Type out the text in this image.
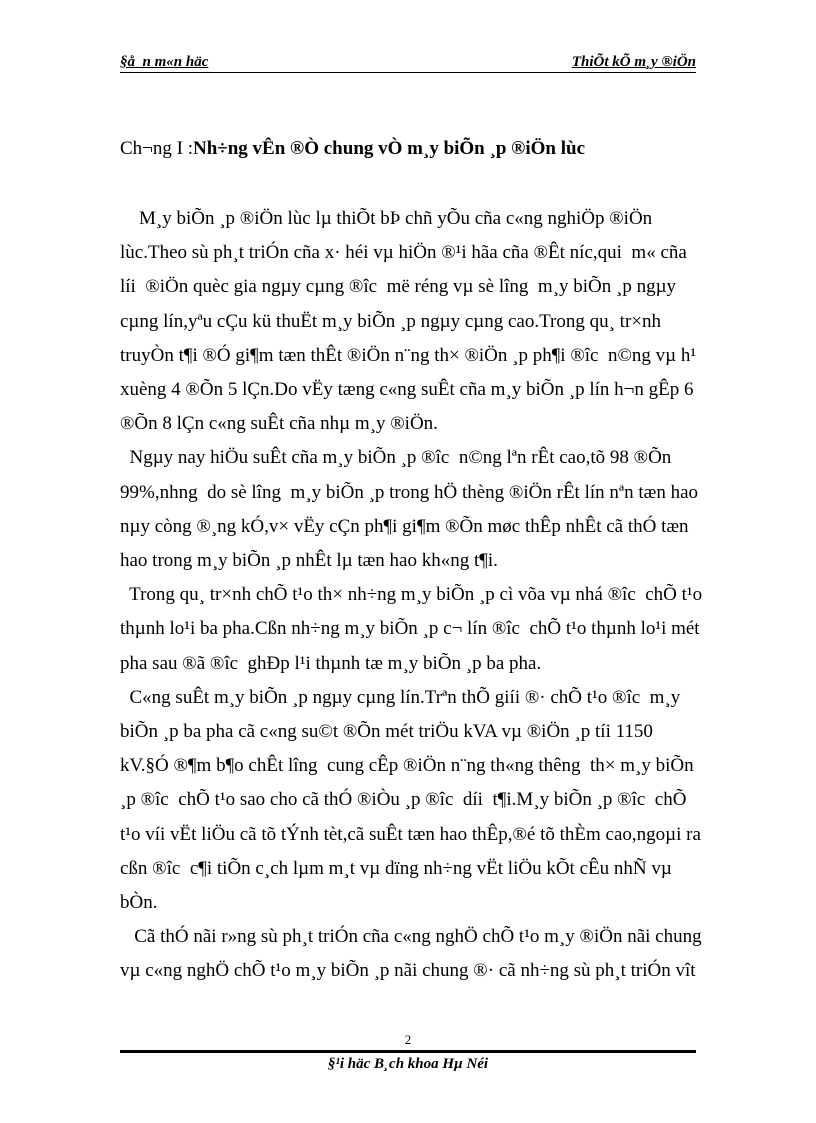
§å_n m«n häc	ThiÕt kÕ m¸y ®iÖn
Ch¬ng I :Nh÷ng vÊn ®Ò chung vÒ m¸y biÕn ¸p ®iÖn lùc

M¸y biÕn ¸p ®iÖn lùc lµ thiÕt bÞ chñ yÕu cña c«ng nghiÖp ®iÖn

lùc.Theo sù ph¸t triÓn cña x· héi vµ hiÖn ®¹i hãa cña ®Êt níc,qui  m« cña

líi  ®iÖn quèc gia ngµy cµng ®îc  më réng vµ sè lîng  m¸y biÕn ¸p ngµy

cµng lín,yªu cÇu kü thuËt m¸y biÕn ¸p ngµy cµng cao.Trong qu¸ tr×nh

truyÒn t¶i ®Ó gi¶m tæn thÊt ®iÖn n¨ng th× ®iÖn ¸p ph¶i ®îc  n©ng vµ h¹

xuèng 4 ®Õn 5 lÇn.Do vËy tæng c«ng suÊt cña m¸y biÕn ¸p lín h¬n gÊp 6

®Õn 8 lÇn c«ng suÊt cña nhµ m¸y ®iÖn.

Ngµy nay hiÖu suÊt cña m¸y biÕn ¸p ®îc  n©ng lªn rÊt cao,tõ 98 ®Õn

99%,nhng  do sè lîng  m¸y biÕn ¸p trong hÖ thèng ®iÖn rÊt lín nªn tæn hao

nµy còng ®¸ng kÓ,v× vËy cÇn ph¶i gi¶m ®Õn møc thÊp nhÊt cã thÓ tæn

hao trong m¸y biÕn ¸p nhÊt lµ tæn hao kh«ng t¶i.

Trong qu¸ tr×nh chÕ t¹o th× nh÷ng m¸y biÕn ¸p cì võa vµ nhá ®îc  chÕ t¹o

thµnh lo¹i ba pha.Cßn nh÷ng m¸y biÕn ¸p c¬ lín ®îc  chÕ t¹o thµnh lo¹i mét

pha sau ®ã ®îc  ghÐp l¹i thµnh tæ m¸y biÕn ¸p ba pha.

C«ng suÊt m¸y biÕn ¸p ngµy cµng lín.Trªn thÕ giíi ®· chÕ t¹o ®îc  m¸y

biÕn ¸p ba pha cã c«ng su©t ®Õn mét triÖu kVA vµ ®iÖn ¸p tíi 1150

kV.§Ó ®¶m b¶o chÊt lîng  cung cÊp ®iÖn n¨ng th«ng thêng  th× m¸y biÕn

¸p ®îc  chÕ t¹o sao cho cã thÓ ®iÒu ¸p ®îc  díi  t¶i.M¸y biÕn ¸p ®îc  chÕ

t¹o víi vËt liÖu cã tõ tÝnh tèt,cã suÊt tæn hao thÊp,®é tõ thÈm cao,ngoµi ra

cßn ®îc  c¶i tiÕn c¸ch lµm m¸t vµ dïng nh÷ng vËt liÖu kÕt cÊu nhÑ vµ

bÒn.

Cã thÓ nãi r»ng sù ph¸t triÓn cña c«ng nghÖ chÕ t¹o m¸y ®iÖn nãi chung

vµ c«ng nghÖ chÕ t¹o m¸y biÕn ¸p nãi chung ®· cã nh÷ng sù ph¸t triÓn vît

2
§¹i häc B¸ch khoa Hµ Néi
